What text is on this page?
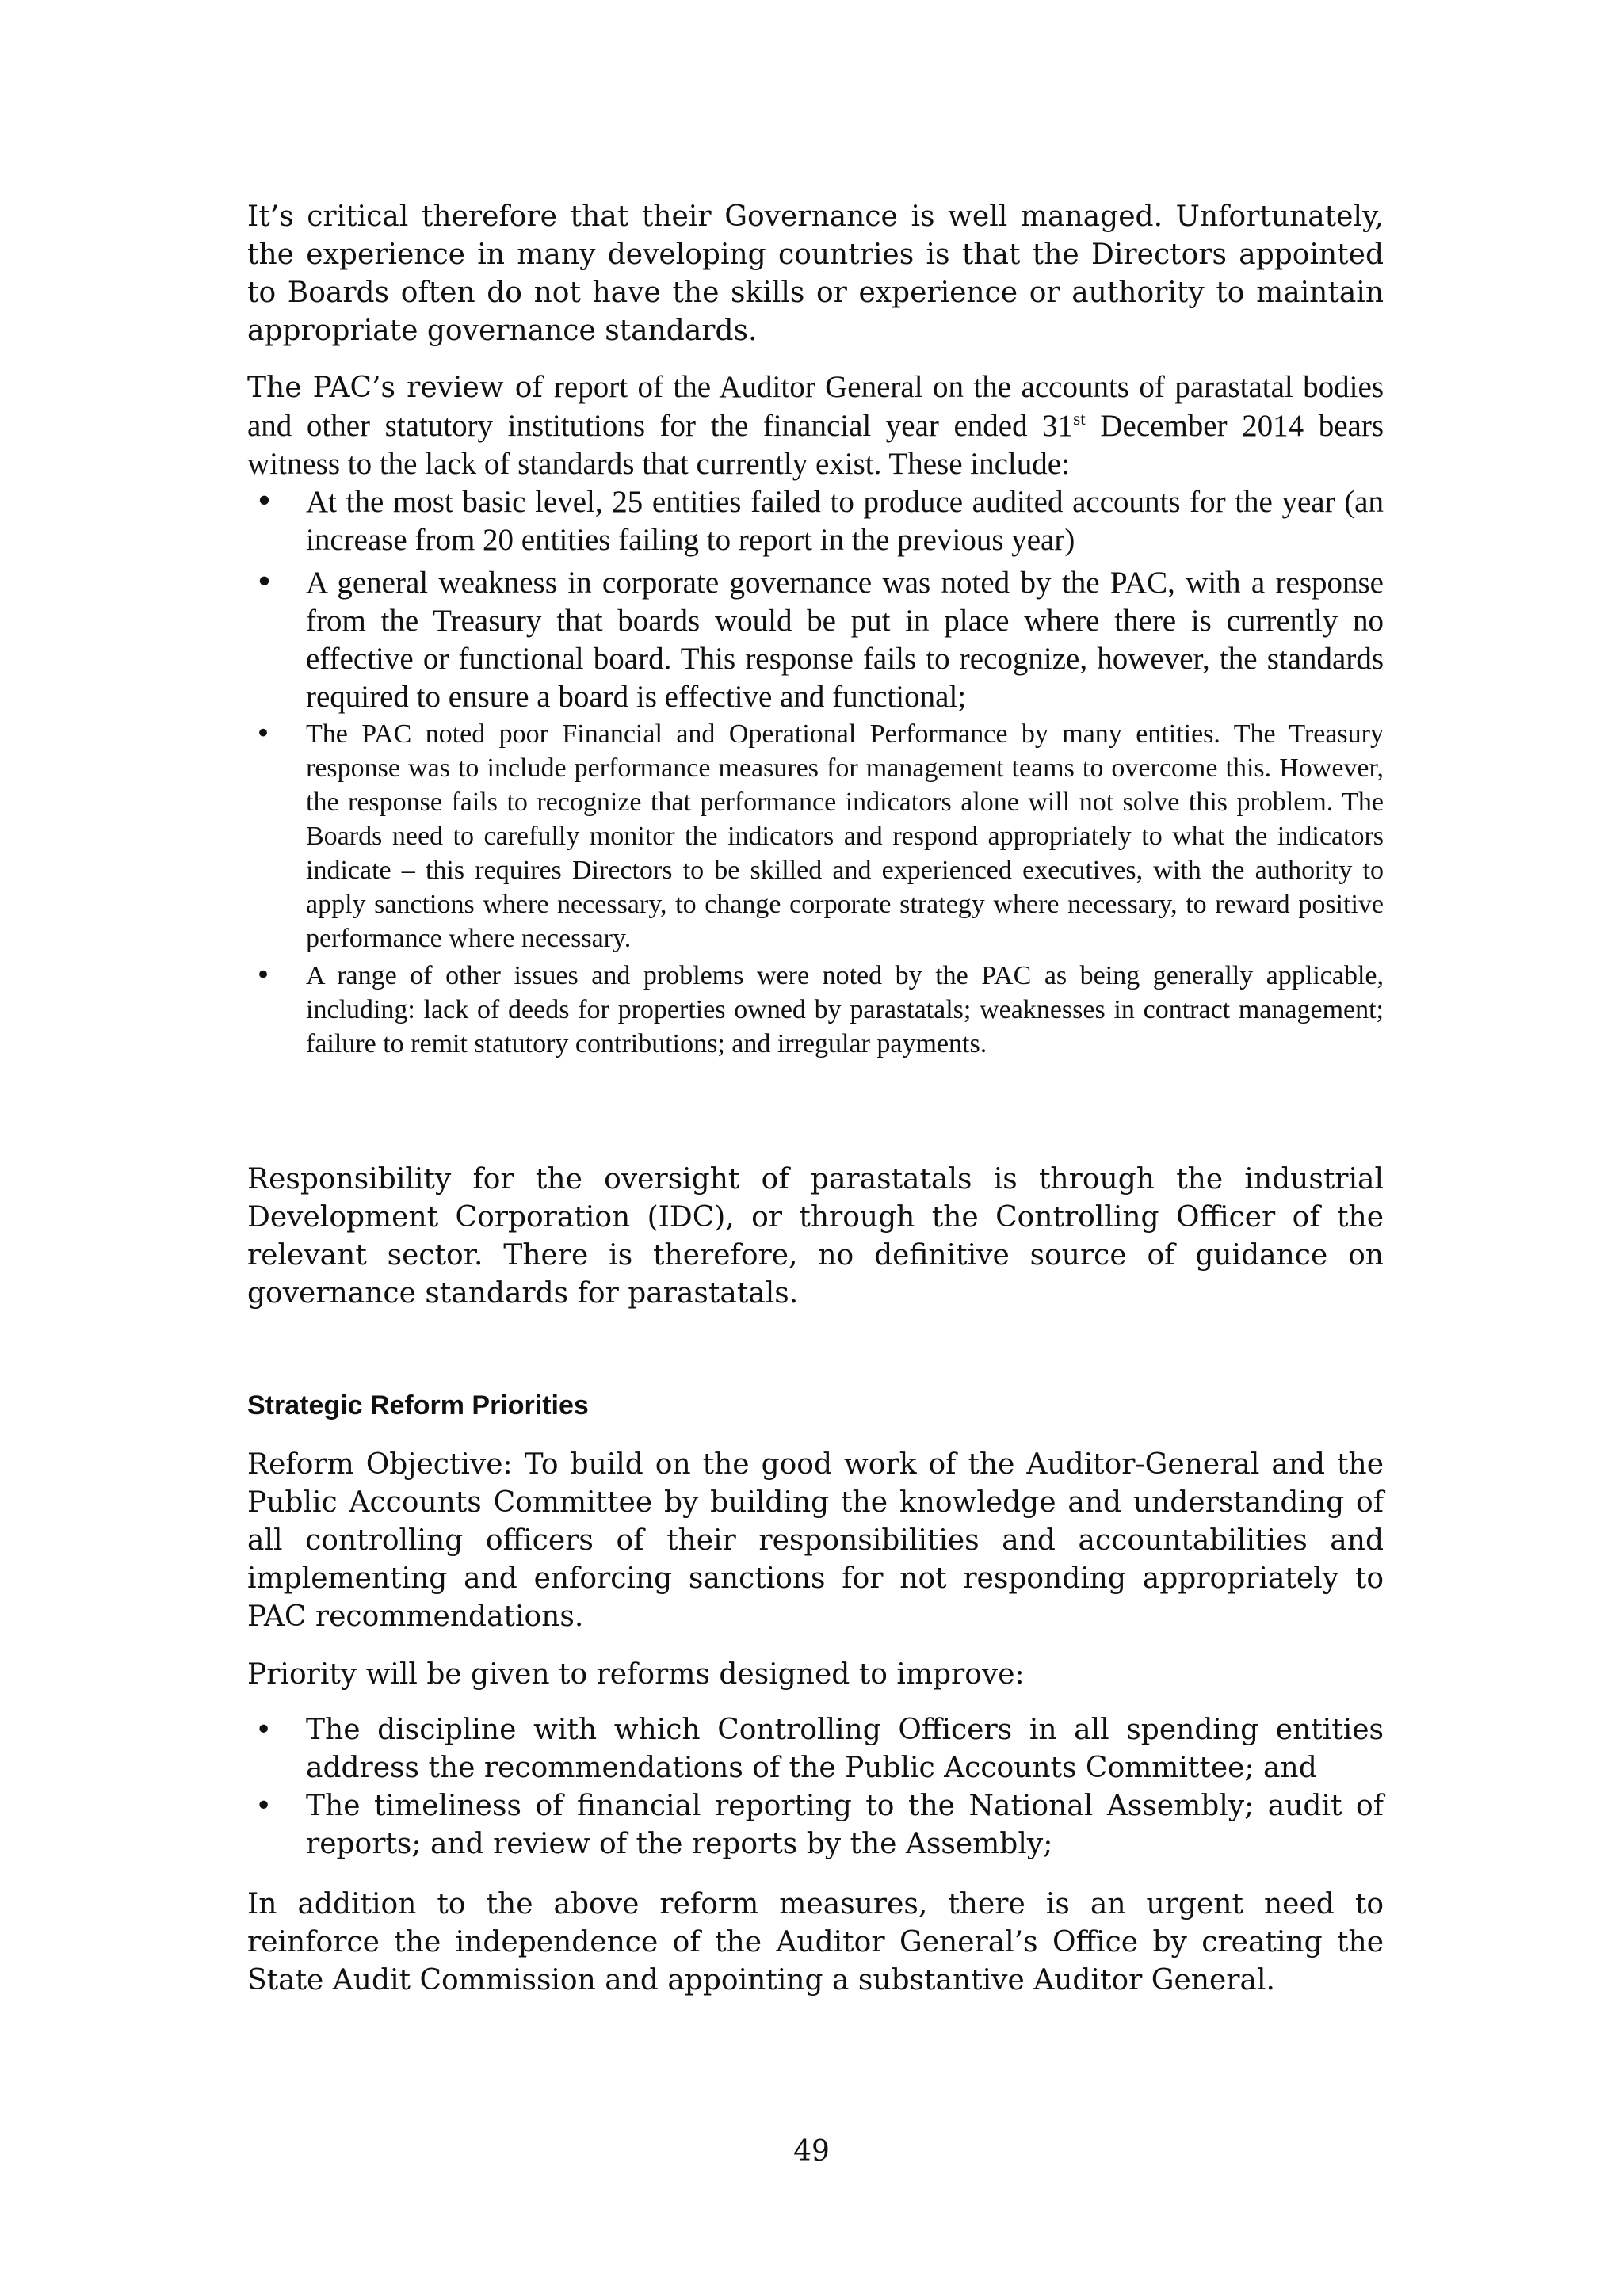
It’s critical therefore that their Governance is well managed. Unfortunately, the experience in many developing countries is that the Directors appointed to Boards often do not have the skills or experience or authority to maintain appropriate governance standards.

The PAC’s review of report of the Auditor General on the accounts of parastatal bodies and other statutory institutions for the financial year ended 31st December 2014 bears witness to the lack of standards that currently exist. These include:

• At the most basic level, 25 entities failed to produce audited accounts for the year (an increase from 20 entities failing to report in the previous year)
• A general weakness in corporate governance was noted by the PAC, with a response from the Treasury that boards would be put in place where there is currently no effective or functional board. This response fails to recognize, however, the standards required to ensure a board is effective and functional;
• The PAC noted poor Financial and Operational Performance by many entities. The Treasury response was to include performance measures for management teams to overcome this. However, the response fails to recognize that performance indicators alone will not solve this problem. The Boards need to carefully monitor the indicators and respond appropriately to what the indicators indicate – this requires Directors to be skilled and experienced executives, with the authority to apply sanctions where necessary, to change corporate strategy where necessary, to reward positive performance where necessary.
• A range of other issues and problems were noted by the PAC as being generally applicable, including: lack of deeds for properties owned by parastatals; weaknesses in contract management; failure to remit statutory contributions; and irregular payments.

Responsibility for the oversight of parastatals is through the industrial Development Corporation (IDC), or through the Controlling Officer of the relevant sector. There is therefore, no definitive source of guidance on governance standards for parastatals.

Strategic Reform Priorities

Reform Objective: To build on the good work of the Auditor-General and the Public Accounts Committee by building the knowledge and understanding of all controlling officers of their responsibilities and accountabilities and implementing and enforcing sanctions for not responding appropriately to PAC recommendations.

Priority will be given to reforms designed to improve:

• The discipline with which Controlling Officers in all spending entities address the recommendations of the Public Accounts Committee; and
• The timeliness of financial reporting to the National Assembly; audit of reports; and review of the reports by the Assembly;

In addition to the above reform measures, there is an urgent need to reinforce the independence of the Auditor General’s Office by creating the State Audit Commission and appointing a substantive Auditor General.

49
